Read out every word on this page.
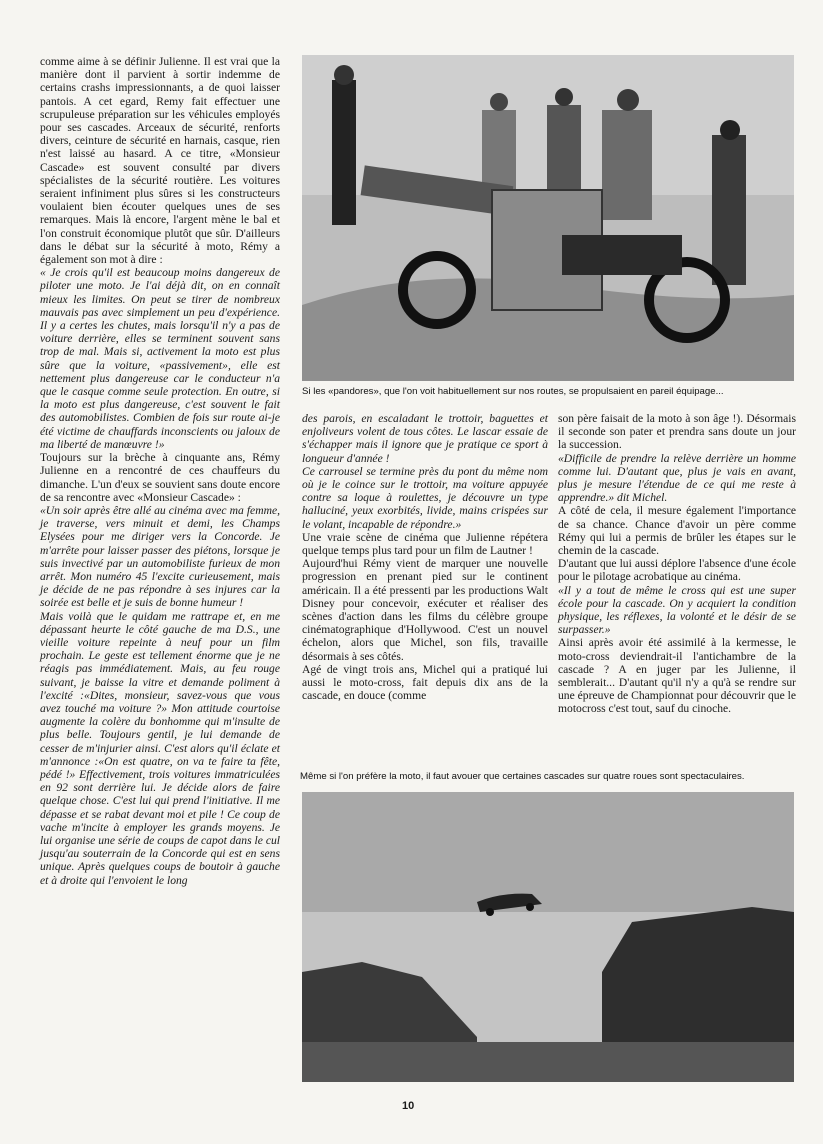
comme aime à se définir Julienne. Il est vrai que la manière dont il parvient à sortir indemme de certains crashs impressionnants, a de quoi laisser pantois. A cet egard, Remy fait effectuer une scrupuleuse préparation sur les véhicules employés pour ses cascades. Arceaux de sécurité, renforts divers, ceinture de sécurité en harnais, casque, rien n'est laissé au hasard. A ce titre, «Monsieur Cascade» est souvent consulté par divers spécialistes de la sécurité routière. Les voitures seraient infiniment plus sûres si les constructeurs voulaient bien écouter quelques unes de ses remarques. Mais là encore, l'argent mène le bal et l'on construit économique plutôt que sûr. D'ailleurs dans le débat sur la sécurité à moto, Rémy a également son mot à dire :

« Je crois qu'il est beaucoup moins dangereux de piloter une moto. Je l'ai déjà dit, on en connaît mieux les limites. On peut se tirer de nombreux mauvais pas avec simplement un peu d'expérience. Il y a certes les chutes, mais lorsqu'il n'y a pas de voiture derrière, elles se terminent souvent sans trop de mal. Mais si, activement la moto est plus sûre que la voiture, «passivement», elle est nettement plus dangereuse car le conducteur n'a que le casque comme seule protection. En outre, si la moto est plus dangereuse, c'est souvent le fait des automobilistes. Combien de fois sur route ai-je été victime de chauffards inconscients ou jaloux de ma liberté de manœuvre !»

Toujours sur la brèche à cinquante ans, Rémy Julienne en a rencontré de ces chauffeurs du dimanche. L'un d'eux se souvient sans doute encore de sa rencontre avec «Monsieur Cascade» :

«Un soir après être allé au cinéma avec ma femme, je traverse, vers minuit et demi, les Champs Elysées pour me diriger vers la Concorde. Je m'arrête pour laisser passer des piétons, lorsque je suis invectivé par un automobiliste furieux de mon arrêt. Mon numéro 45 l'excite curieusement, mais je décide de ne pas répondre à ses injures car la soirée est belle et je suis de bonne humeur !

Mais voilà que le quidam me rattrape et, en me dépassant heurte le côté gauche de ma D.S., une vieille voiture repeinte à neuf pour un film prochain. Le geste est tellement énorme que je ne réagis pas immédiatement. Mais, au feu rouge suivant, je baisse la vitre et demande poliment à l'excité :«Dites, monsieur, savez-vous que vous avez touché ma voiture ?» Mon attitude courtoise augmente la colère du bonhomme qui m'insulte de plus belle. Toujours gentil, je lui demande de cesser de m'injurier ainsi. C'est alors qu'il éclate et m'annonce :«On est quatre, on va te faire ta fête, pédé !» Effectivement, trois voitures immatriculées en 92 sont derrière lui. Je décide alors de faire quelque chose. C'est lui qui prend l'initiative. Il me dépasse et se rabat devant moi et pile ! Ce coup de vache m'incite à employer les grands moyens. Je lui organise une série de coups de capot dans le cul jusqu'au souterrain de la Concorde qui est en sens unique. Après quelques coups de boutoir à gauche et à droite qui l'envoient le long

Si les «pandores», que l'on voit habituellement sur nos routes, se propulsaient en pareil équipage...

des parois, en escaladant le trottoir, baguettes et enjoliveurs volent de tous côtes. Le lascar essaie de s'échapper mais il ignore que je pratique ce sport à longueur d'année !

Ce carrousel se termine près du pont du même nom où je le coince sur le trottoir, ma voiture appuyée contre sa loque à roulettes, je découvre un type halluciné, yeux exorbités, livide, mains crispées sur le volant, incapable de répondre.»

Une vraie scène de cinéma que Julienne répétera quelque temps plus tard pour un film de Lautner !

Aujourd'hui Rémy vient de marquer une nouvelle progression en prenant pied sur le continent américain. Il a été pressenti par les productions Walt Disney pour concevoir, exécuter et réaliser des scènes d'action dans les films du célèbre groupe cinématographique d'Hollywood. C'est un nouvel échelon, alors que Michel, son fils, travaille désormais à ses côtés.

Agé de vingt trois ans, Michel qui a pratiqué lui aussi le moto-cross, fait depuis dix ans de la cascade, en douce (comme

son père faisait de la moto à son âge !). Désormais il seconde son pater et prendra sans doute un jour la succession.

«Difficile de prendre la relève derrière un homme comme lui. D'autant que, plus je vais en avant, plus je mesure l'étendue de ce qui me reste à apprendre.» dit Michel.

A côté de cela, il mesure également l'importance de sa chance. Chance d'avoir un père comme Rémy qui lui a permis de brûler les étapes sur le chemin de la cascade.

D'autant que lui aussi déplore l'absence d'une école pour le pilotage acrobatique au cinéma.

«Il y a tout de même le cross qui est une super école pour la cascade. On y acquiert la condition physique, les réflexes, la volonté et le désir de se surpasser.»

Ainsi après avoir été assimilé à la kermesse, le moto-cross deviendrait-il l'antichambre de la cascade ? A en juger par les Julienne, il semblerait... D'autant qu'il n'y a qu'à se rendre sur une épreuve de Championnat pour découvrir que le motocross c'est tout, sauf du cinoche.

Même si l'on préfère la moto, il faut avouer que certaines cascades sur quatre roues sont spectaculaires.
10
